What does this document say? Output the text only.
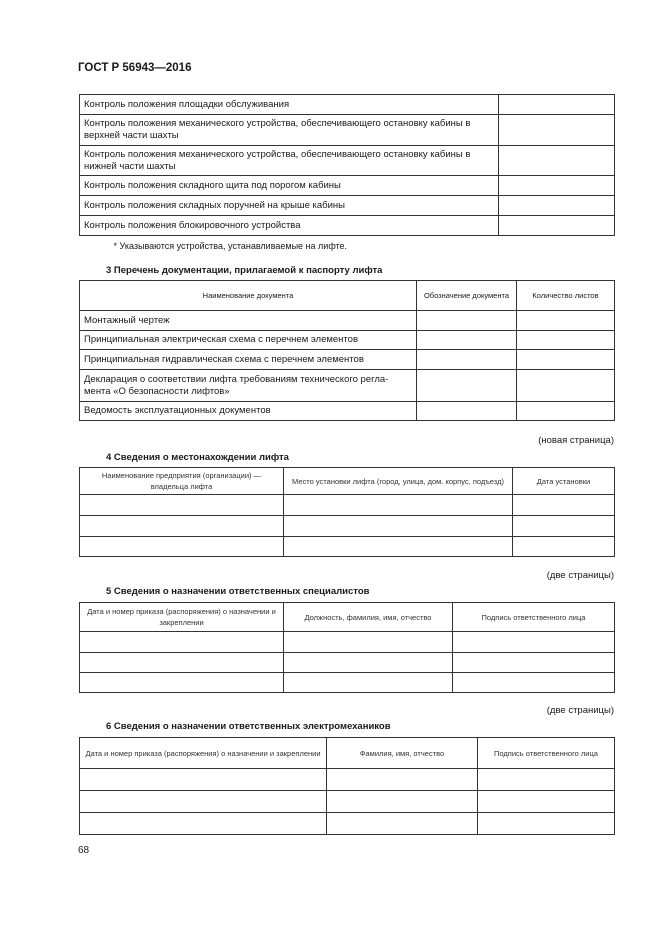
ГОСТ Р 56943—2016
Контроль положения площадки обслуживания	
Контроль положения механического устройства, обеспечивающего остановку кабины в верхней части шахты	
Контроль положения механического устройства, обеспечивающего остановку кабины в нижней части шахты	
Контроль положения складного щита под порогом кабины	
Контроль положения складных поручней на крыше кабины	
Контроль положения блокировочного устройства	
* Указываются устройства, устанавливаемые на лифте.	
3 Перечень документации, прилагаемой к паспорту лифта
Наименование документа	Обозначение документа	Количество листов
Монтажный чертеж		
Принципиальная электрическая схема с перечнем элементов		
Принципиальная гидравлическая схема с перечнем элементов		
Декларация о соответствии лифта требованиям технического регла-мента «О безопасности лифтов»		
Ведомость эксплуатационных документов		
(новая страница)
4 Сведения о местонахождении лифта
Наименование предприятия (организации) — владельца лифта	Место установки лифта (город, улица, дом. корпус, подъезд)	Дата установки

(две страницы)
5 Сведения о назначении ответственных специалистов
Дата и номер приказа (распоряжения) о назначении и закреплении	Должность, фамилия, имя, отчество	Подпись ответственного лица

(две страницы)
6 Сведения о назначении ответственных электромехаников
Дата и номер приказа (распоряжения) о назначении и закреплении	Фамилия, имя, отчество	Подпись ответственного лица

68
